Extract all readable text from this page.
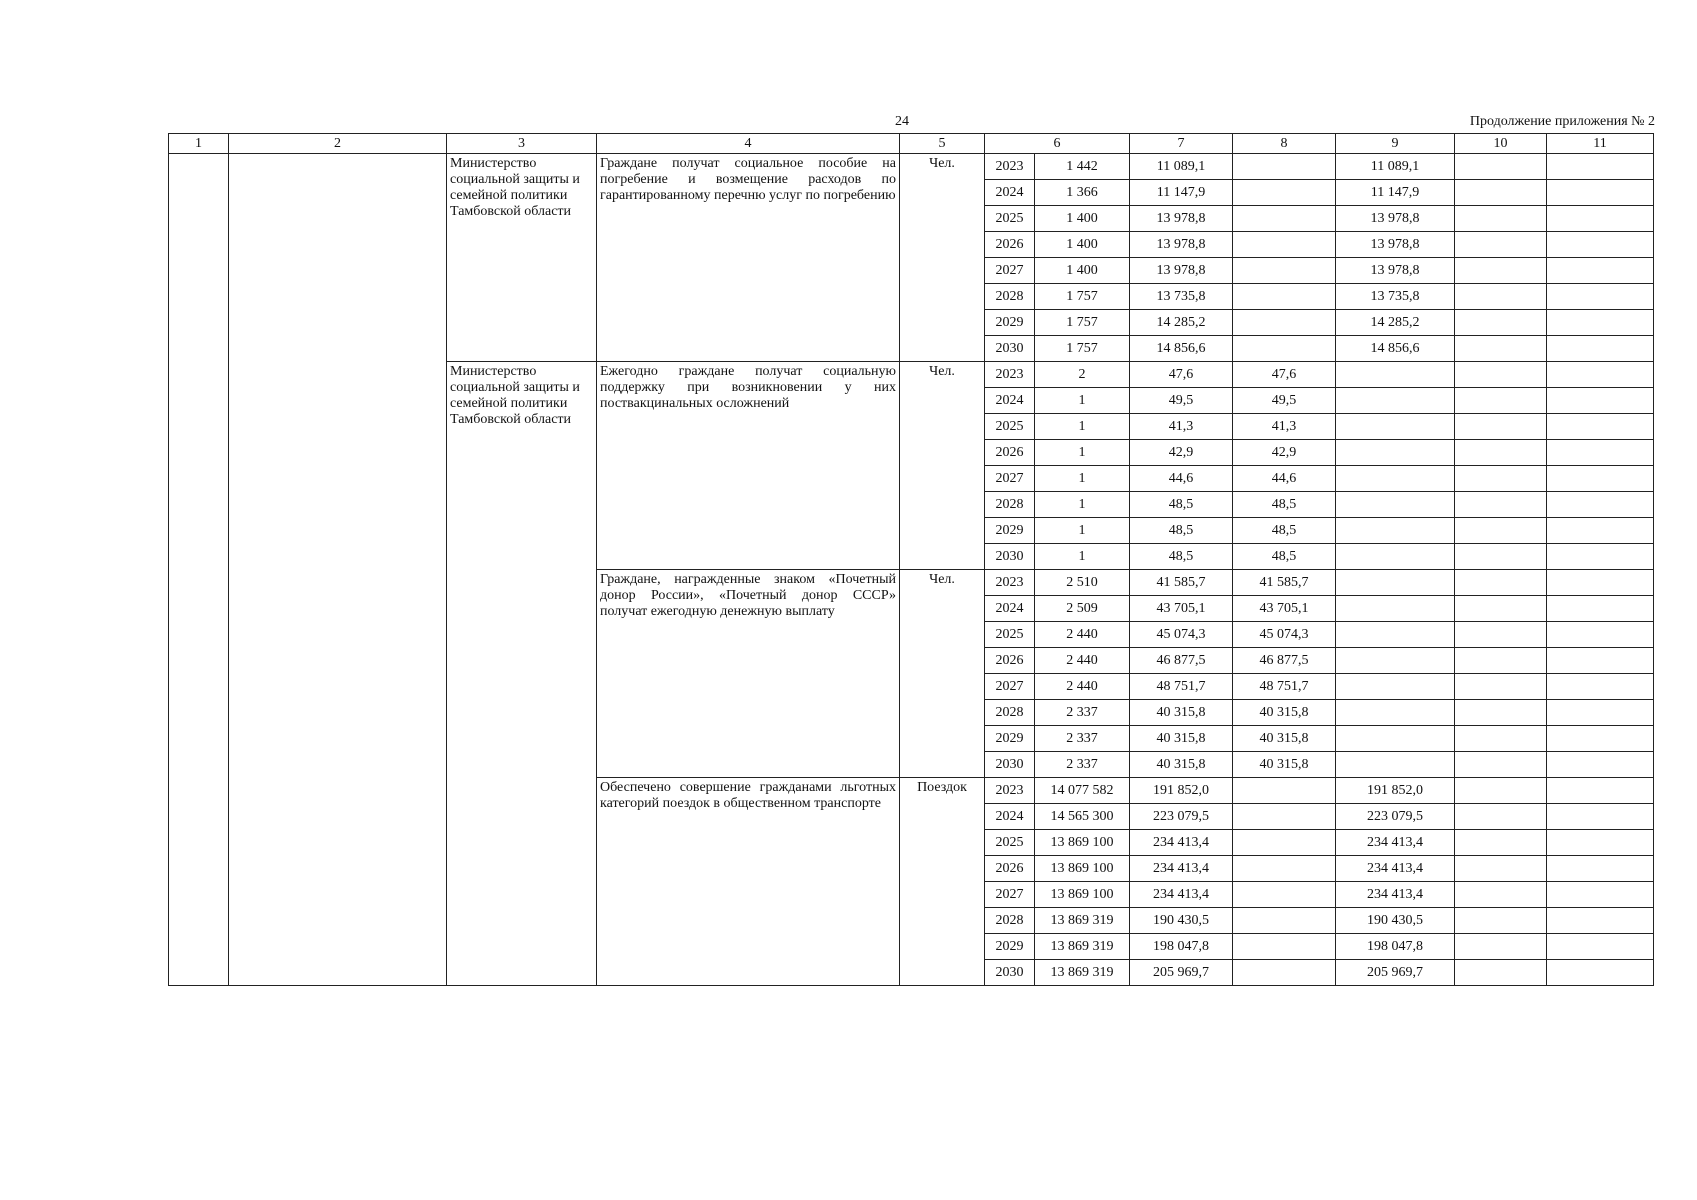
24	Продолжение приложения № 2
1	2	3	4	5	6		7	8	9	10	11
		Министерство социальной защиты и семейной политики Тамбовской области	Граждане получат социальное пособие на погребение и возмещение расходов по гарантированному перечню услуг по погребению	Чел.	2023	1 442	11 089,1		11 089,1		
					2024	1 366	11 147,9		11 147,9		
					2025	1 400	13 978,8		13 978,8		
					2026	1 400	13 978,8		13 978,8		
					2027	1 400	13 978,8		13 978,8		
					2028	1 757	13 735,8		13 735,8		
					2029	1 757	14 285,2		14 285,2		
					2030	1 757	14 856,6		14 856,6		
		Министерство социальной защиты и семейной политики Тамбовской области	Ежегодно граждане получат социальную поддержку при возникновении у них поствакцинальных осложнений	Чел.	2023	2	47,6	47,6			
					2024	1	49,5	49,5			
					2025	1	41,3	41,3			
					2026	1	42,9	42,9			
					2027	1	44,6	44,6			
					2028	1	48,5	48,5			
					2029	1	48,5	48,5			
					2030	1	48,5	48,5			
			Граждане, награжденные знаком «Почетный донор России», «Почетный донор СССР» получат ежегодную денежную выплату	Чел.	2023	2 510	41 585,7	41 585,7			
					2024	2 509	43 705,1	43 705,1			
					2025	2 440	45 074,3	45 074,3			
					2026	2 440	46 877,5	46 877,5			
					2027	2 440	48 751,7	48 751,7			
					2028	2 337	40 315,8	40 315,8			
					2029	2 337	40 315,8	40 315,8			
					2030	2 337	40 315,8	40 315,8			
			Обеспечено совершение гражданами льготных категорий поездок в общественном транспорте	Поездок	2023	14 077 582	191 852,0		191 852,0		
					2024	14 565 300	223 079,5		223 079,5		
					2025	13 869 100	234 413,4		234 413,4		
					2026	13 869 100	234 413,4		234 413,4		
					2027	13 869 100	234 413,4		234 413,4		
					2028	13 869 319	190 430,5		190 430,5		
					2029	13 869 319	198 047,8		198 047,8		
					2030	13 869 319	205 969,7		205 969,7		
